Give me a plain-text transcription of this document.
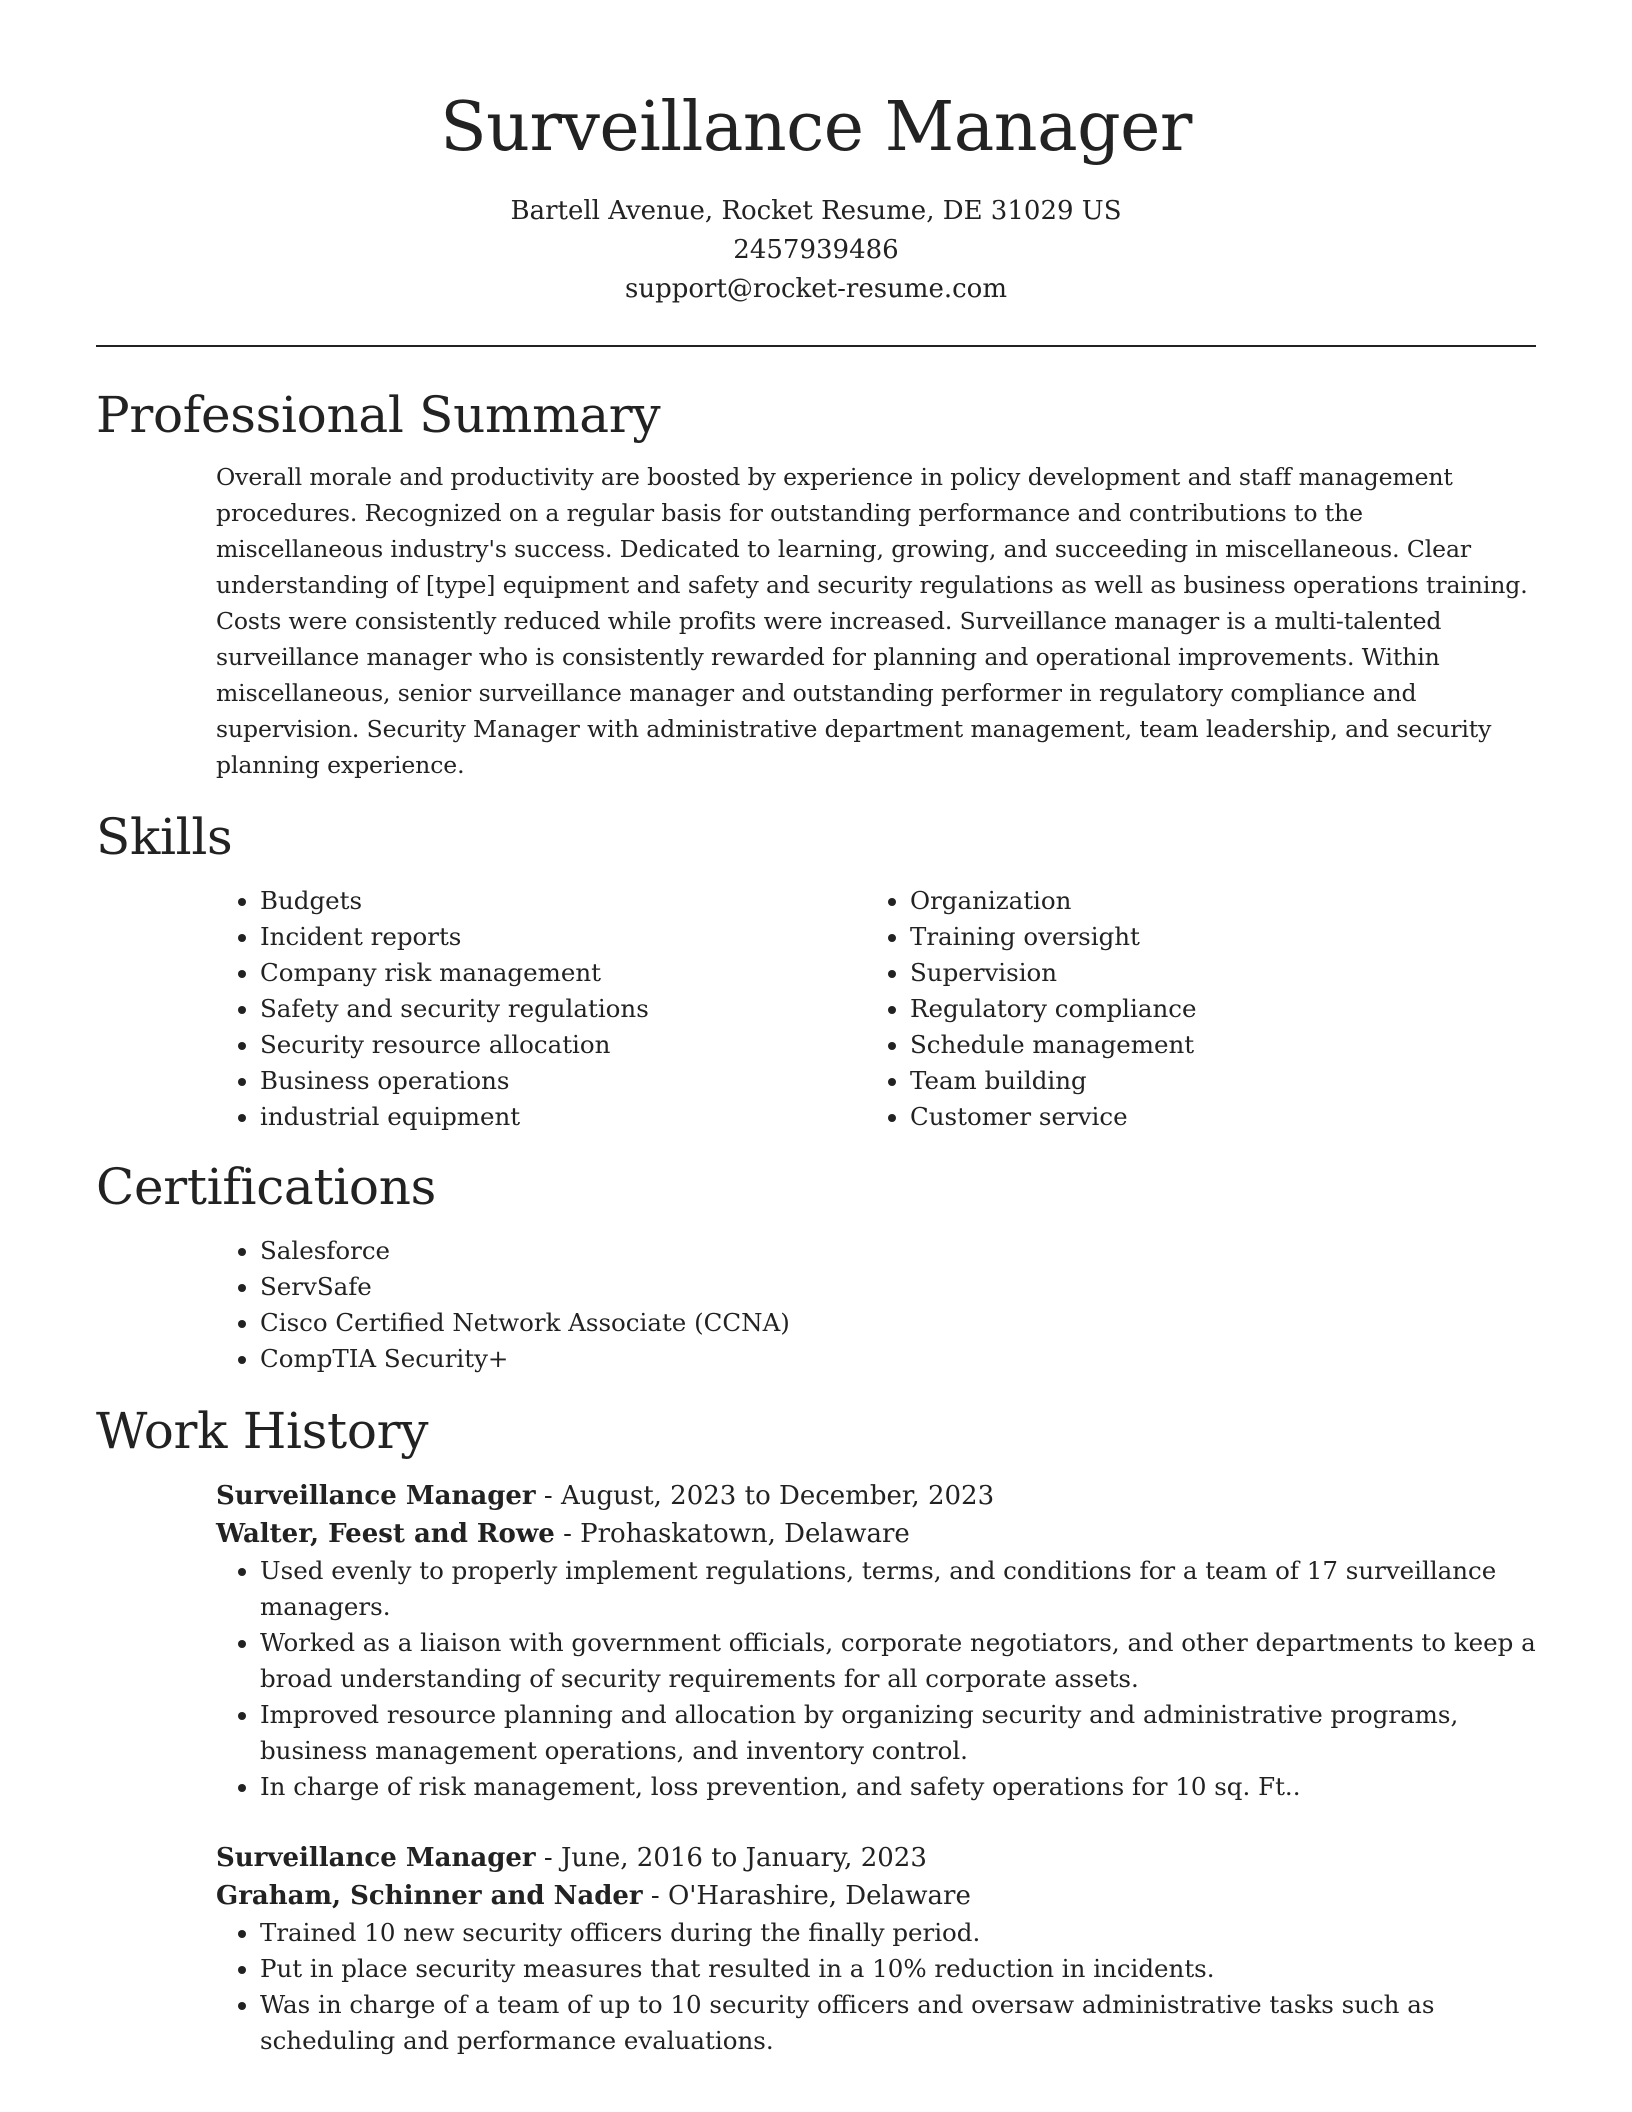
Surveillance Manager
Bartell Avenue, Rocket Resume, DE 31029 US
2457939486
support@rocket-resume.com
Professional Summary

Overall morale and productivity are boosted by experience in policy development and staff management procedures. Recognized on a regular basis for outstanding performance and contributions to the miscellaneous industry's success. Dedicated to learning, growing, and succeeding in miscellaneous. Clear understanding of [type] equipment and safety and security regulations as well as business operations training. Costs were consistently reduced while profits were increased. Surveillance manager is a multi-talented surveillance manager who is consistently rewarded for planning and operational improvements. Within miscellaneous, senior surveillance manager and outstanding performer in regulatory compliance and supervision. Security Manager with administrative department management, team leadership, and security planning experience.

Skills
• Budgets
• Incident reports
• Company risk management
• Safety and security regulations
• Security resource allocation
• Business operations
• industrial equipment
• Organization
• Training oversight
• Supervision
• Regulatory compliance
• Schedule management
• Team building
• Customer service
Certifications
• Salesforce
• ServSafe
• Cisco Certified Network Associate (CCNA)
• CompTIA Security+
Work History
Surveillance Manager - August, 2023 to December, 2023
Walter, Feest and Rowe - Prohaskatown, Delaware
• Used evenly to properly implement regulations, terms, and conditions for a team of 17 surveillance managers.
• Worked as a liaison with government officials, corporate negotiators, and other departments to keep a broad understanding of security requirements for all corporate assets.
• Improved resource planning and allocation by organizing security and administrative programs, business management operations, and inventory control.
• In charge of risk management, loss prevention, and safety operations for 10 sq. Ft..
Surveillance Manager - June, 2016 to January, 2023
Graham, Schinner and Nader - O'Harashire, Delaware
• Trained 10 new security officers during the finally period.
• Put in place security measures that resulted in a 10% reduction in incidents.
• Was in charge of a team of up to 10 security officers and oversaw administrative tasks such as scheduling and performance evaluations.
